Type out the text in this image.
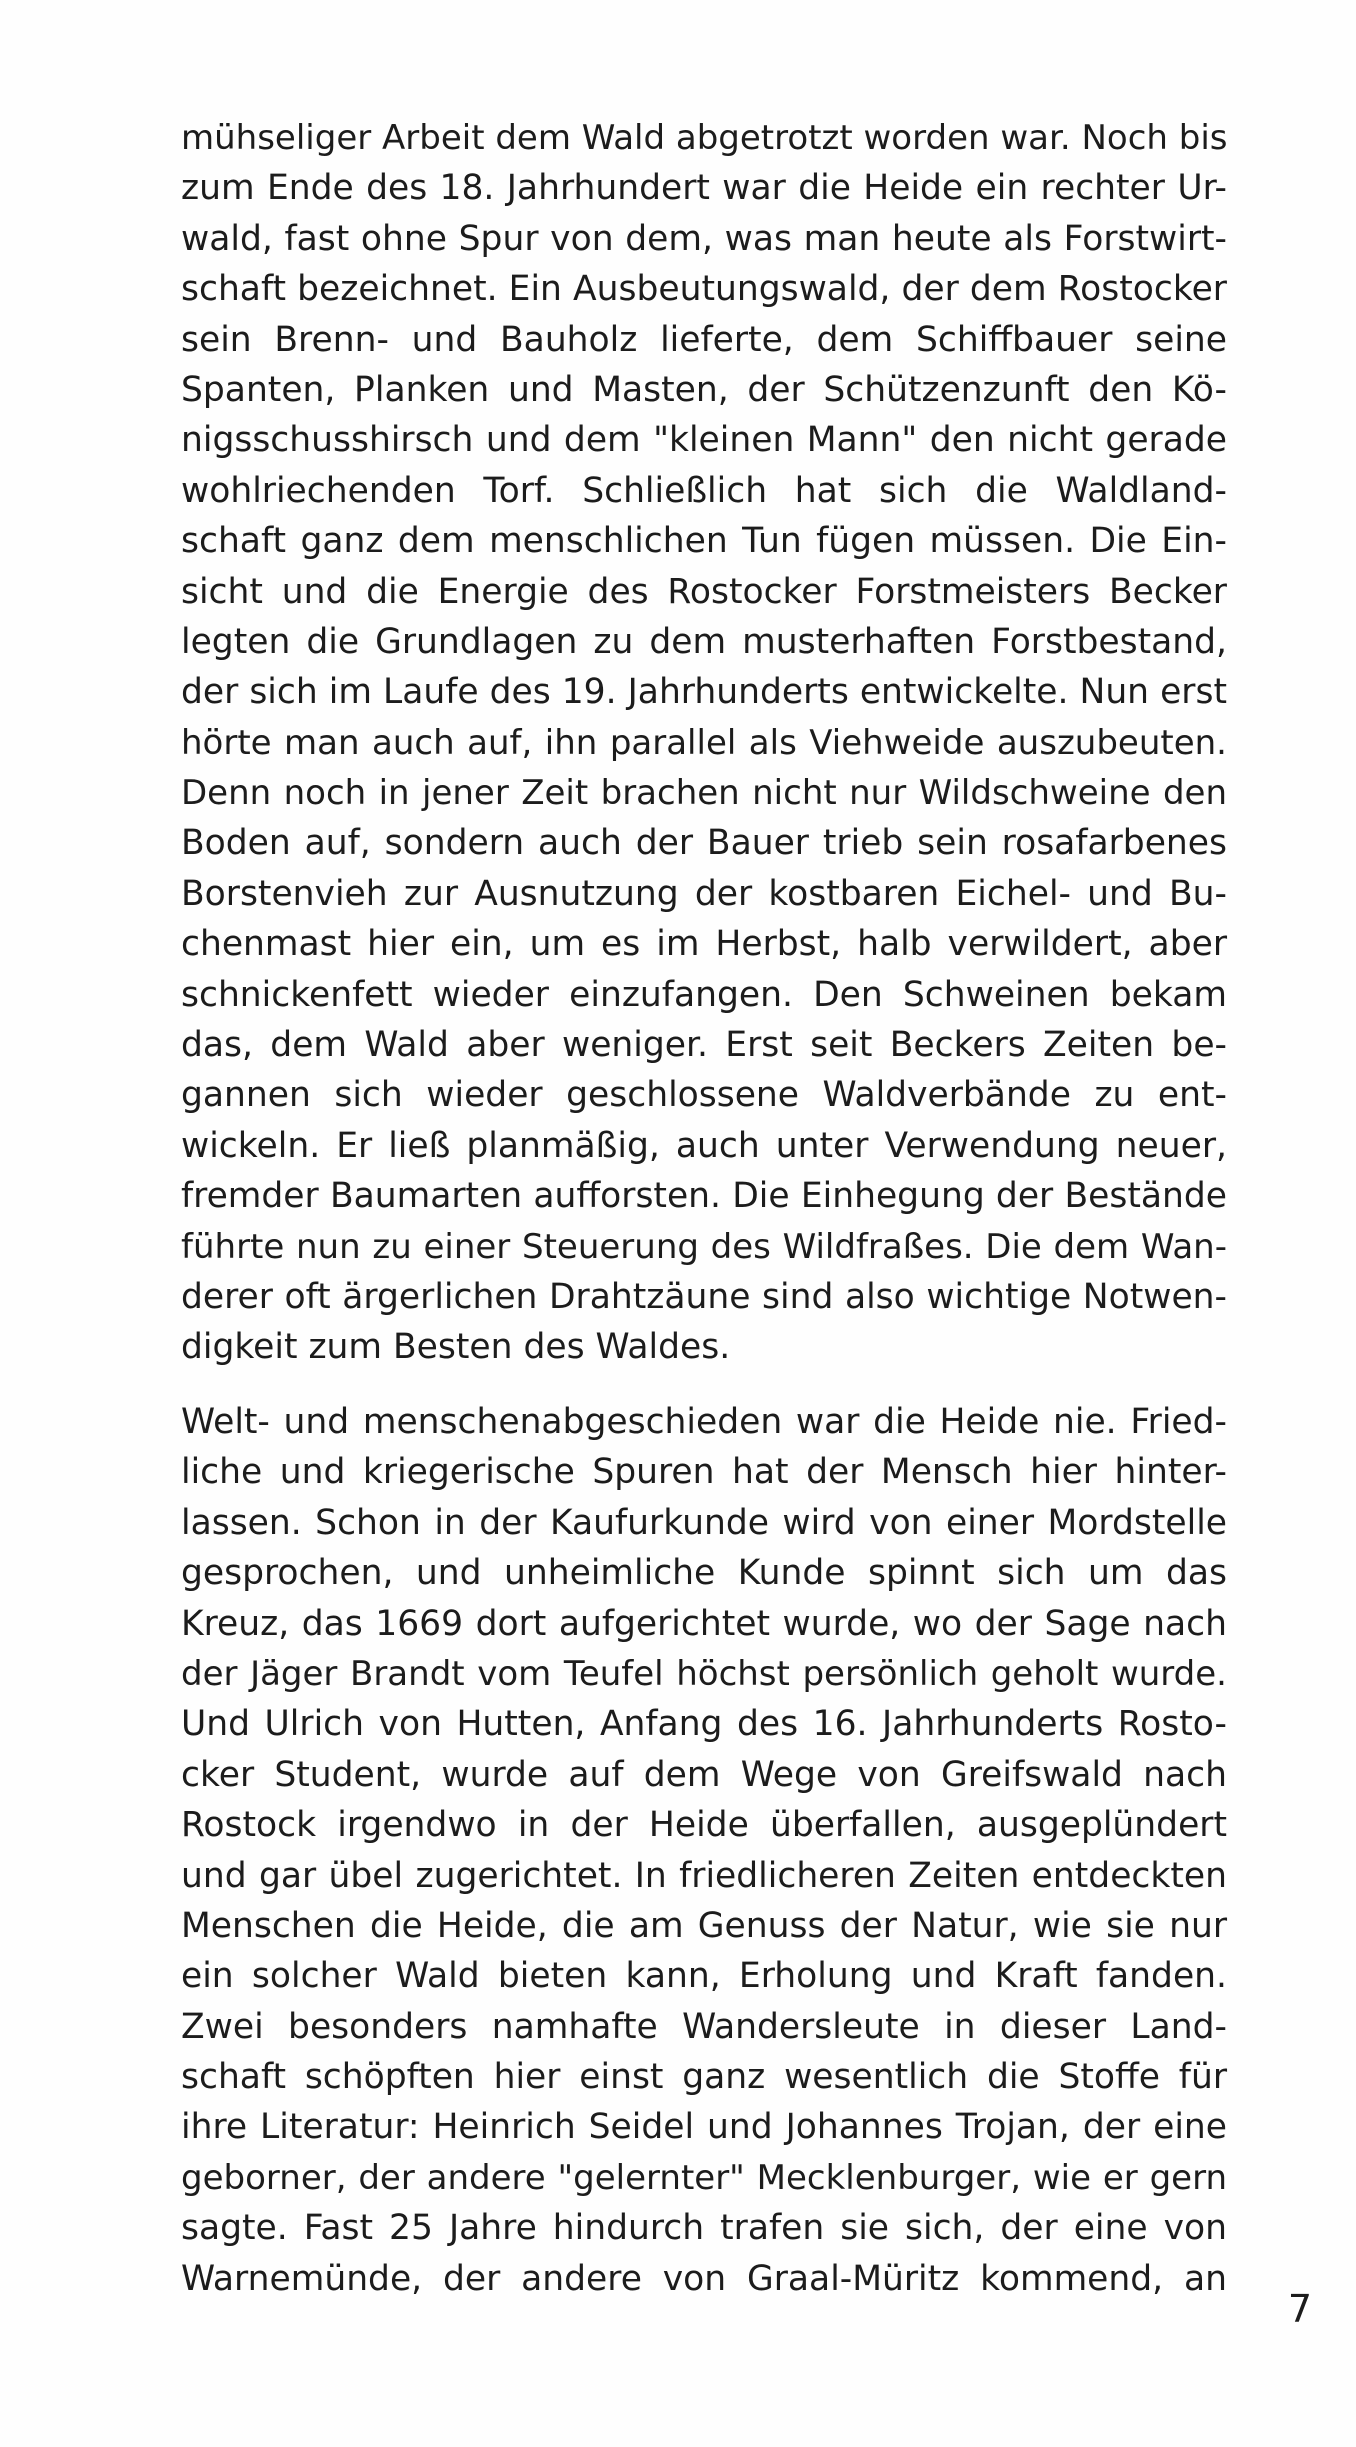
mühseliger Arbeit dem Wald abgetrotzt worden war. Noch bis
zum Ende des 18. Jahrhundert war die Heide ein rechter Ur-
wald, fast ohne Spur von dem, was man heute als Forstwirt-
schaft bezeichnet. Ein Ausbeutungswald, der dem Rostocker
sein Brenn- und Bauholz lieferte, dem Schiffbauer seine
Spanten, Planken und Masten, der Schützenzunft den Kö-
nigsschusshirsch und dem "kleinen Mann" den nicht gerade
wohlriechenden Torf. Schließlich hat sich die Waldland-
schaft ganz dem menschlichen Tun fügen müssen. Die Ein-
sicht und die Energie des Rostocker Forstmeisters Becker
legten die Grundlagen zu dem musterhaften Forstbestand,
der sich im Laufe des 19. Jahrhunderts entwickelte. Nun erst
hörte man auch auf, ihn parallel als Viehweide auszubeuten.
Denn noch in jener Zeit brachen nicht nur Wildschweine den
Boden auf, sondern auch der Bauer trieb sein rosafarbenes
Borstenvieh zur Ausnutzung der kostbaren Eichel- und Bu-
chenmast hier ein, um es im Herbst, halb verwildert, aber
schnickenfett wieder einzufangen. Den Schweinen bekam
das, dem Wald aber weniger. Erst seit Beckers Zeiten be-
gannen sich wieder geschlossene Waldverbände zu ent-
wickeln. Er ließ planmäßig, auch unter Verwendung neuer,
fremder Baumarten aufforsten. Die Einhegung der Bestände
führte nun zu einer Steuerung des Wildfraßes. Die dem Wan-
derer oft ärgerlichen Drahtzäune sind also wichtige Notwen-
digkeit zum Besten des Waldes.
Welt- und menschenabgeschieden war die Heide nie. Fried-
liche und kriegerische Spuren hat der Mensch hier hinter-
lassen. Schon in der Kaufurkunde wird von einer Mordstelle
gesprochen, und unheimliche Kunde spinnt sich um das
Kreuz, das 1669 dort aufgerichtet wurde, wo der Sage nach
der Jäger Brandt vom Teufel höchst persönlich geholt wurde.
Und Ulrich von Hutten, Anfang des 16. Jahrhunderts Rosto-
cker Student, wurde auf dem Wege von Greifswald nach
Rostock irgendwo in der Heide überfallen, ausgeplündert
und gar übel zugerichtet. In friedlicheren Zeiten entdeckten
Menschen die Heide, die am Genuss der Natur, wie sie nur
ein solcher Wald bieten kann, Erholung und Kraft fanden.
Zwei besonders namhafte Wandersleute in dieser Land-
schaft schöpften hier einst ganz wesentlich die Stoffe für
ihre Literatur: Heinrich Seidel und Johannes Trojan, der eine
geborner, der andere "gelernter" Mecklenburger, wie er gern
sagte. Fast 25 Jahre hindurch trafen sie sich, der eine von
Warnemünde, der andere von Graal-Müritz kommend, an
7
